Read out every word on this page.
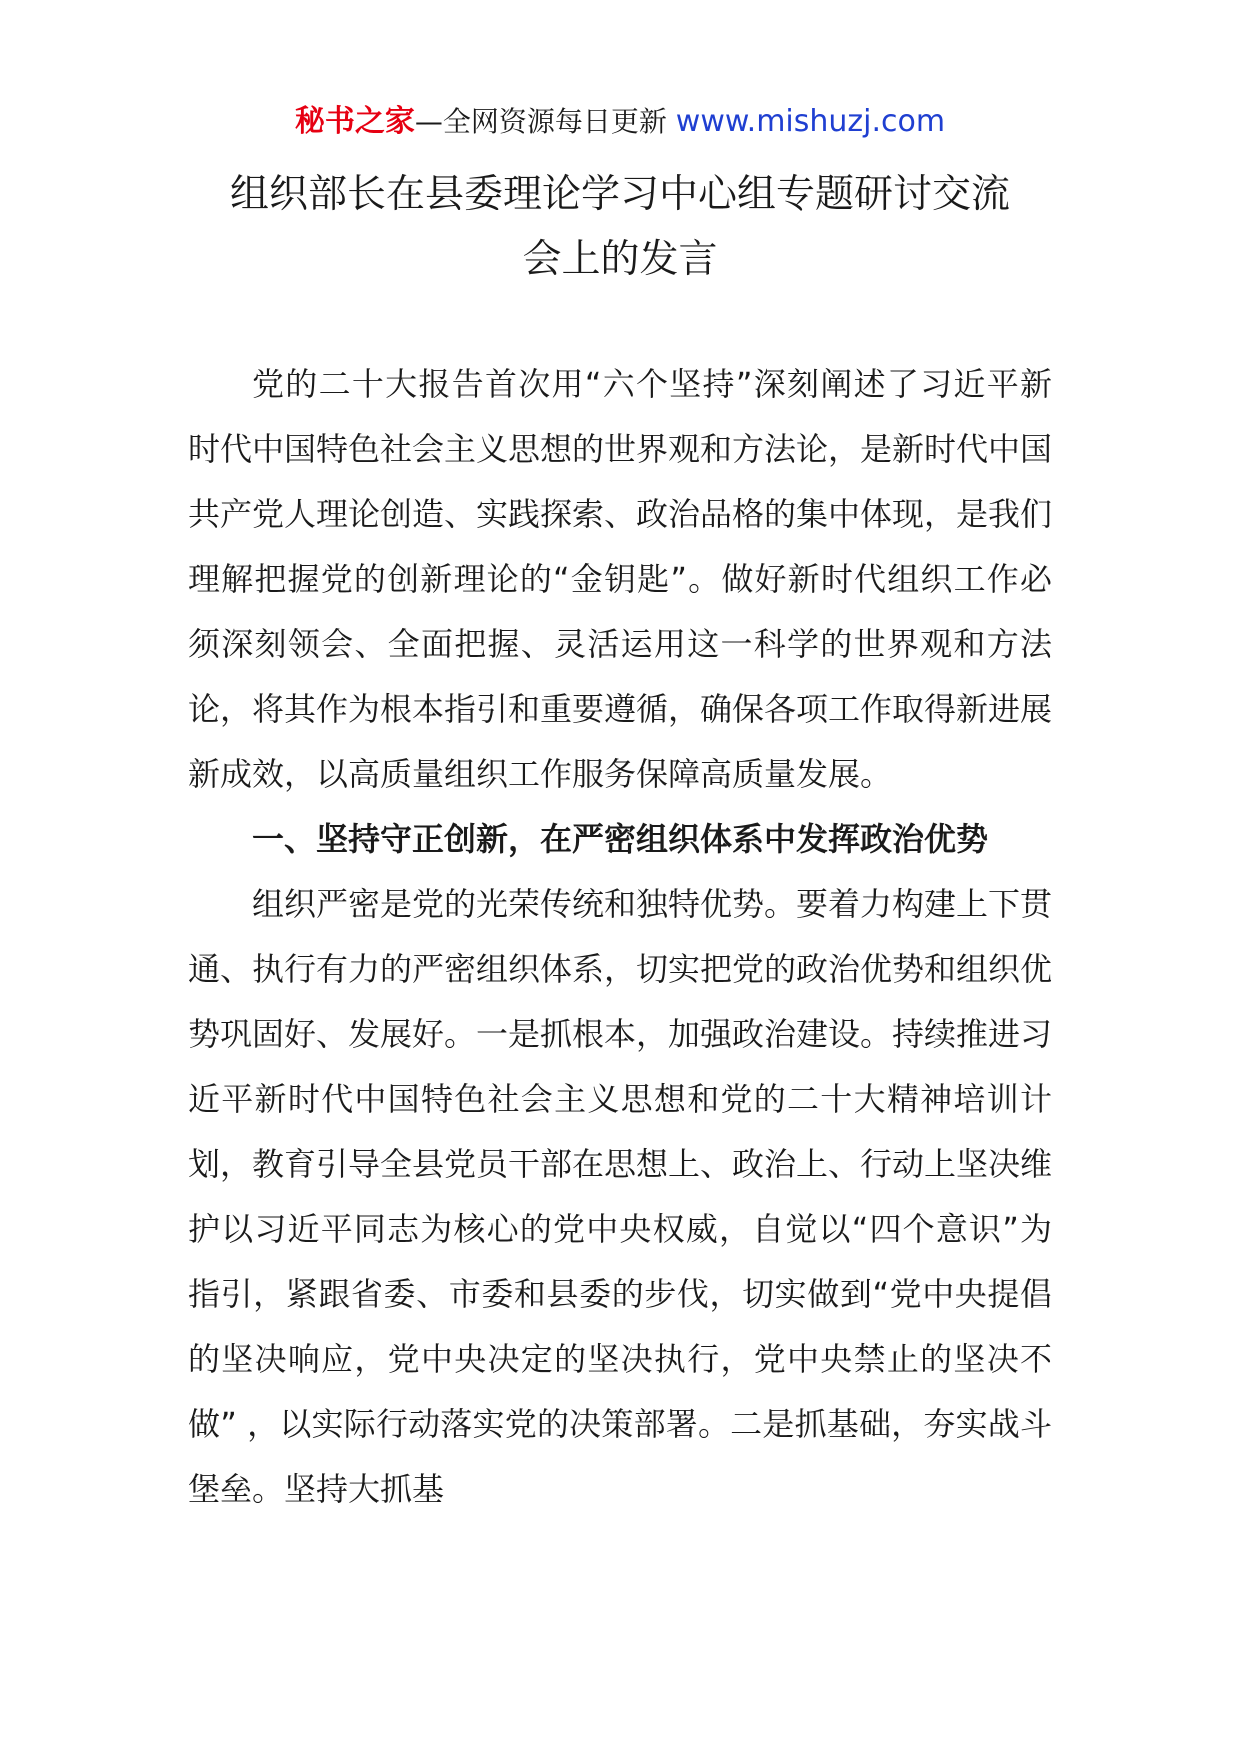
秘书之家—全网资源每日更新 www.mishuzj.com
组织部长在县委理论学习中心组专题研讨交流
会上的发言

党的二十大报告首次用“六个坚持”深刻阐述了习近平新时代中国特色社会主义思想的世界观和方法论，是新时代中国共产党人理论创造、实践探索、政治品格的集中体现，是我们理解把握党的创新理论的“金钥匙”。做好新时代组织工作必须深刻领会、全面把握、灵活运用这一科学的世界观和方法论，将其作为根本指引和重要遵循，确保各项工作取得新进展新成效，以高质量组织工作服务保障高质量发展。

一、坚持守正创新，在严密组织体系中发挥政治优势

组织严密是党的光荣传统和独特优势。要着力构建上下贯通、执行有力的严密组织体系，切实把党的政治优势和组织优势巩固好、发展好。一是抓根本，加强政治建设。持续推进习近平新时代中国特色社会主义思想和党的二十大精神培训计划，教育引导全县党员干部在思想上、政治上、行动上坚决维护以习近平同志为核心的党中央权威，自觉以“四个意识”为指引，紧跟省委、市委和县委的步伐，切实做到“党中央提倡的坚决响应，党中央决定的坚决执行，党中央禁止的坚决不做” ，以实际行动落实党的决策部署。二是抓基础，夯实战斗堡垒。坚持大抓基
